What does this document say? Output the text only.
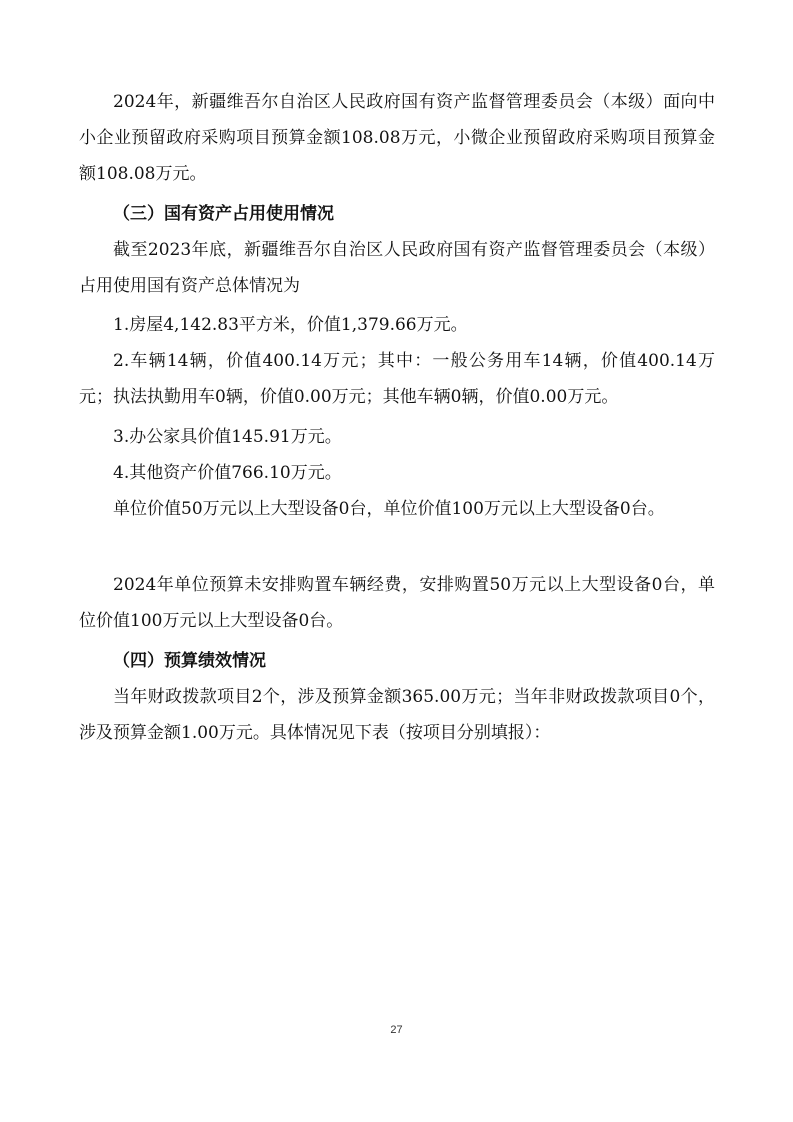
2024年，新疆维吾尔自治区人民政府国有资产监督管理委员会（本级）面向中小企业预留政府采购项目预算金额108.08万元，小微企业预留政府采购项目预算金额108.08万元。

（三）国有资产占用使用情况

截至2023年底，新疆维吾尔自治区人民政府国有资产监督管理委员会（本级）占用使用国有资产总体情况为

1.房屋4,142.83平方米，价值1,379.66万元。

2.车辆14辆，价值400.14万元；其中：一般公务用车14辆，价值400.14万元；执法执勤用车0辆，价值0.00万元；其他车辆0辆，价值0.00万元。

3.办公家具价值145.91万元。

4.其他资产价值766.10万元。

单位价值50万元以上大型设备0台，单位价值100万元以上大型设备0台。

2024年单位预算未安排购置车辆经费，安排购置50万元以上大型设备0台，单位价值100万元以上大型设备0台。

（四）预算绩效情况

当年财政拨款项目2个，涉及预算金额365.00万元；当年非财政拨款项目0个，涉及预算金额1.00万元。具体情况见下表（按项目分别填报）：

27
